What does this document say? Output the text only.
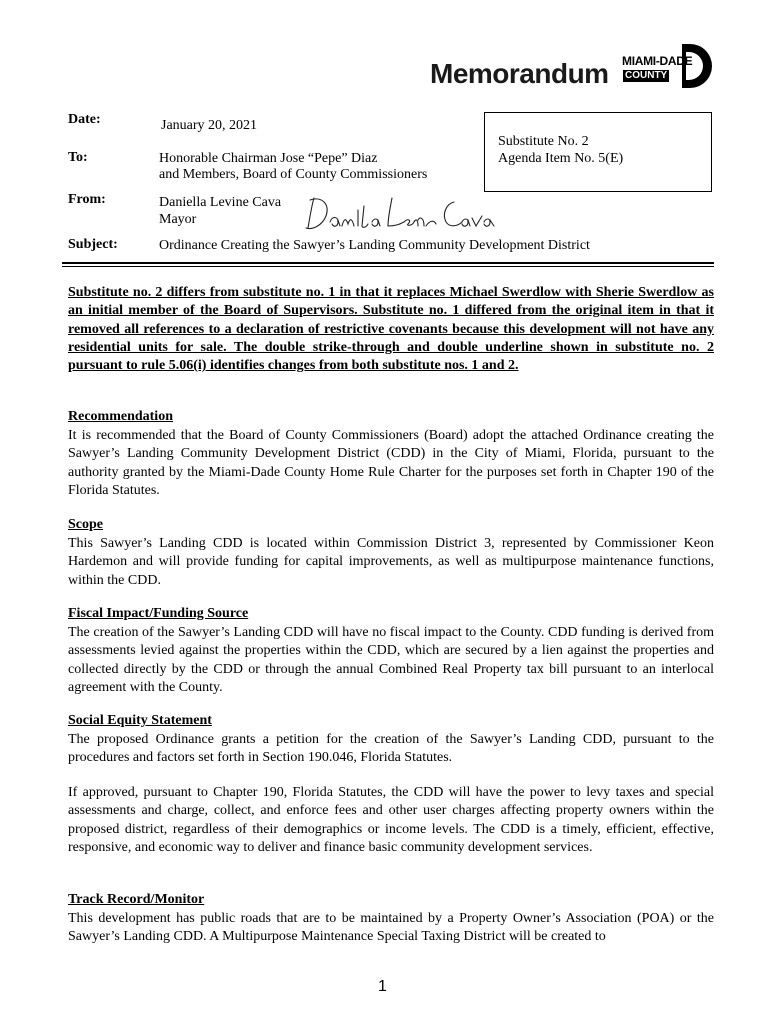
Memorandum MIAMI-DADE
COUNTY
Date:	January 20, 2021
To:	Honorable Chairman Jose “Pepe” Diaz
and Members, Board of County Commissioners
From:	Daniella Levine Cava
Mayor
Subject:	Ordinance Creating the Sawyer’s Landing Community Development District
Substitute No. 2
Agenda Item No. 5(E)
Substitute no. 2 differs from substitute no. 1 in that it replaces Michael Swerdlow with Sherie Swerdlow as an initial member of the Board of Supervisors. Substitute no. 1 differed from the original item in that it removed all references to a declaration of restrictive covenants because this development will not have any residential units for sale. The double strike-through and double underline shown in substitute no. 2 pursuant to rule 5.06(i) identifies changes from both substitute nos. 1 and 2.
Recommendation
It is recommended that the Board of County Commissioners (Board) adopt the attached Ordinance creating the Sawyer’s Landing Community Development District (CDD) in the City of Miami, Florida, pursuant to the authority granted by the Miami-Dade County Home Rule Charter for the purposes set forth in Chapter 190 of the Florida Statutes.
Scope
This Sawyer’s Landing CDD is located within Commission District 3, represented by Commissioner Keon Hardemon and will provide funding for capital improvements, as well as multipurpose maintenance functions, within the CDD.
Fiscal Impact/Funding Source
The creation of the Sawyer’s Landing CDD will have no fiscal impact to the County. CDD funding is derived from assessments levied against the properties within the CDD, which are secured by a lien against the properties and collected directly by the CDD or through the annual Combined Real Property tax bill pursuant to an interlocal agreement with the County.
Social Equity Statement
The proposed Ordinance grants a petition for the creation of the Sawyer’s Landing CDD, pursuant to the procedures and factors set forth in Section 190.046, Florida Statutes.
If approved, pursuant to Chapter 190, Florida Statutes, the CDD will have the power to levy taxes and special assessments and charge, collect, and enforce fees and other user charges affecting property owners within the proposed district, regardless of their demographics or income levels. The CDD is a timely, efficient, effective, responsive, and economic way to deliver and finance basic community development services.
Track Record/Monitor
This development has public roads that are to be maintained by a Property Owner’s Association (POA) or the Sawyer’s Landing CDD. A Multipurpose Maintenance Special Taxing District will be created to
1
